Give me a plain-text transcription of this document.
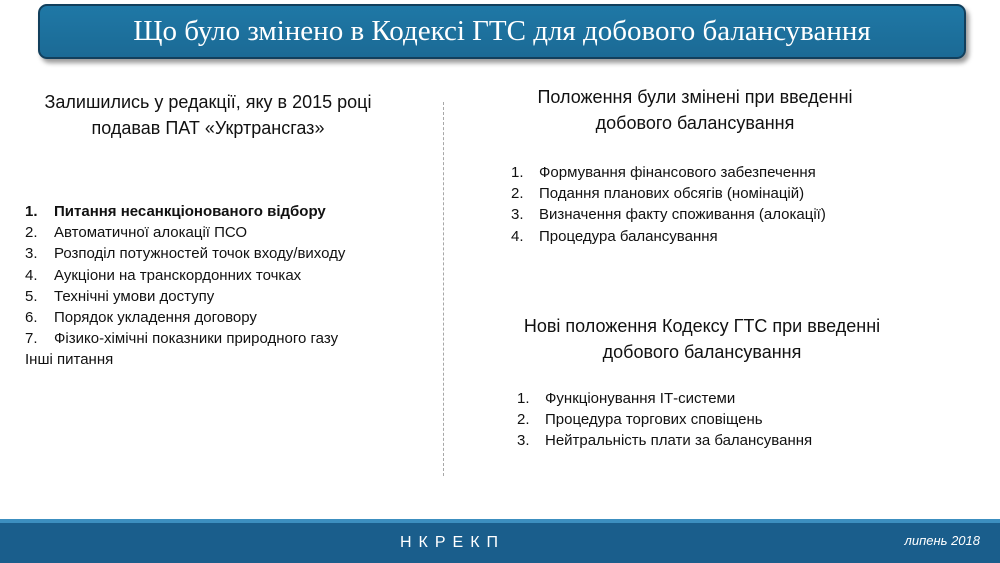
Що було змінено в Кодексі ГТС для добового балансування
Залишились у редакції, яку в 2015 році
подавав ПАТ «Укртрансгаз»
1.	Питання несанкціонованого відбору
2.	Автоматичної алокації ПСО
3.	Розподіл потужностей точок входу/виходу
4.	Аукціони на транскордонних точках
5.	Технічні умови доступу
6.	Порядок укладення договору
7.	Фізико-хімічні показники природного газу
Інші питання
Положення були змінені при введенні
добового балансування
1.	Формування фінансового забезпечення
2.	Подання планових обсягів (номінацій)
3.	Визначення факту споживання (алокації)
4.	Процедура балансування
Нові положення Кодексу ГТС при введенні
добового балансування
1.	Функціонування ІТ-системи
2.	Процедура торгових сповіщень
3.	Нейтральність плати за балансування
НКРЕКП	липень 2018
